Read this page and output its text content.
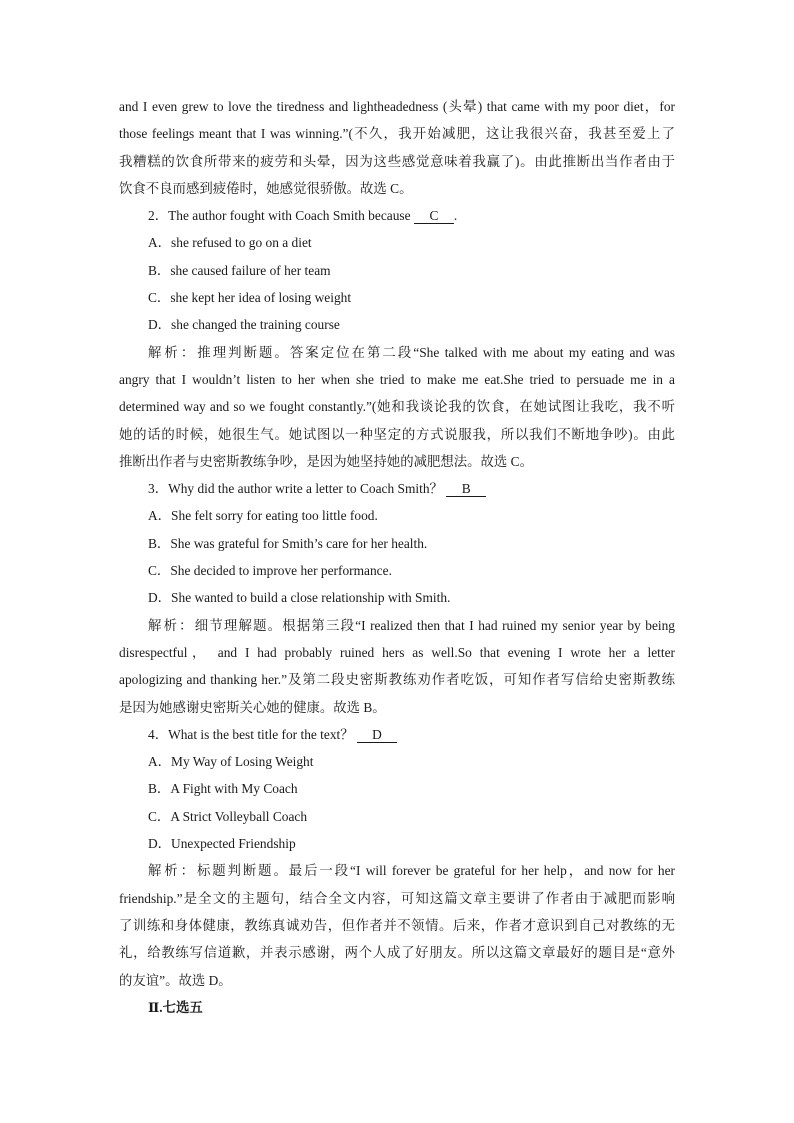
and I even grew to love the tiredness and lightheadedness (头晕) that came with my poor diet，for
those feelings meant that I was winning.”(不久，我开始减肥，这让我很兴奋，我甚至爱上了
我糟糕的饮食所带来的疲劳和头晕，因为这些感觉意味着我赢了)。由此推断出当作者由于
饮食不良而感到疲倦时，她感觉很骄傲。故选 C。
2．The author fought with Coach Smith because C .
A．she refused to go on a diet
B．she caused failure of her team
C．she kept her idea of losing weight
D．she changed the training course
解析：推理判断题。答案定位在第二段“She talked with me about my eating and was
angry that I wouldn’t listen to her when she tried to make me eat.She tried to persuade me in a
determined way and so we fought constantly.”(她和我谈论我的饮食，在她试图让我吃，我不听
她的话的时候，她很生气。她试图以一种坚定的方式说服我，所以我们不断地争吵)。由此
推断出作者与史密斯教练争吵，是因为她坚持她的减肥想法。故选 C。
3．Why did the author write a letter to Coach Smith？ B
A．She felt sorry for eating too little food.
B．She was grateful for Smith’s care for her health.
C．She decided to improve her performance.
D．She wanted to build a close relationship with Smith.
解析：细节理解题。根据第三段“I realized then that I had ruined my senior year by being
disrespectful， and I had probably ruined hers as well.So that evening I wrote her a letter
apologizing and thanking her.”及第二段史密斯教练劝作者吃饭，可知作者写信给史密斯教练
是因为她感谢史密斯关心她的健康。故选 B。
4．What is the best title for the text？ D
A．My Way of Losing Weight
B．A Fight with My Coach
C．A Strict Volleyball Coach
D．Unexpected Friendship
解析：标题判断题。最后一段“I will forever be grateful for her help，and now for her
friendship.”是全文的主题句，结合全文内容，可知这篇文章主要讲了作者由于减肥而影响
了训练和身体健康，教练真诚劝告，但作者并不领情。后来，作者才意识到自己对教练的无
礼，给教练写信道歉，并表示感谢，两个人成了好朋友。所以这篇文章最好的题目是“意外
的友谊”。故选 D。
Ⅱ.七选五
